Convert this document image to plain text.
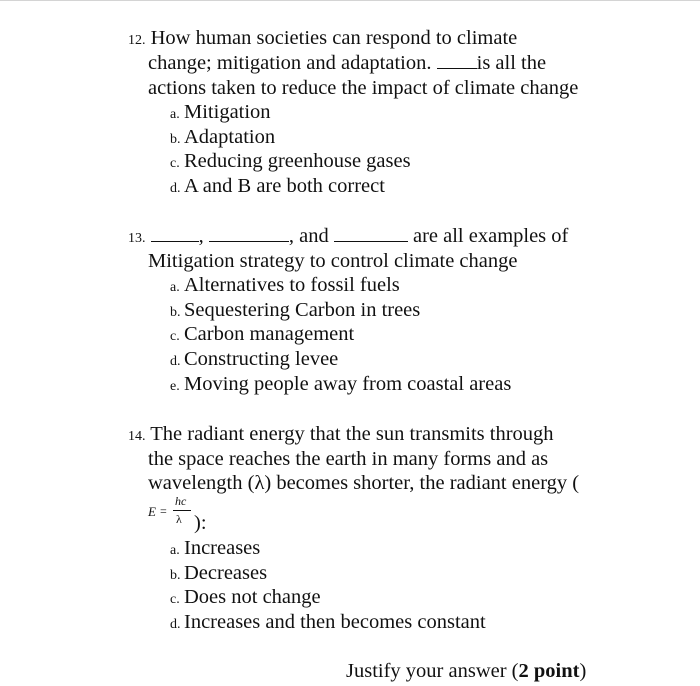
12. How human societies can respond to climate
change; mitigation and adaptation. is all the
actions taken to reduce the impact of climate change
a. Mitigation
b. Adaptation
c. Reducing greenhouse gases
d. A and B are both correct
13.	,	, and	are all examples of
Mitigation strategy to control climate change
a. Alternatives to fossil fuels
b. Sequestering Carbon in trees
c. Carbon management
d. Constructing levee
e. Moving people away from coastal areas
14. The radiant energy that the sun transmits through
the space reaches the earth in many forms and as
wavelength (λ) becomes shorter, the radiant energy (
E =
hc
λ ):
a. Increases
b. Decreases
c. Does not change
d. Increases and then becomes constant
Justify your answer (2 point)
